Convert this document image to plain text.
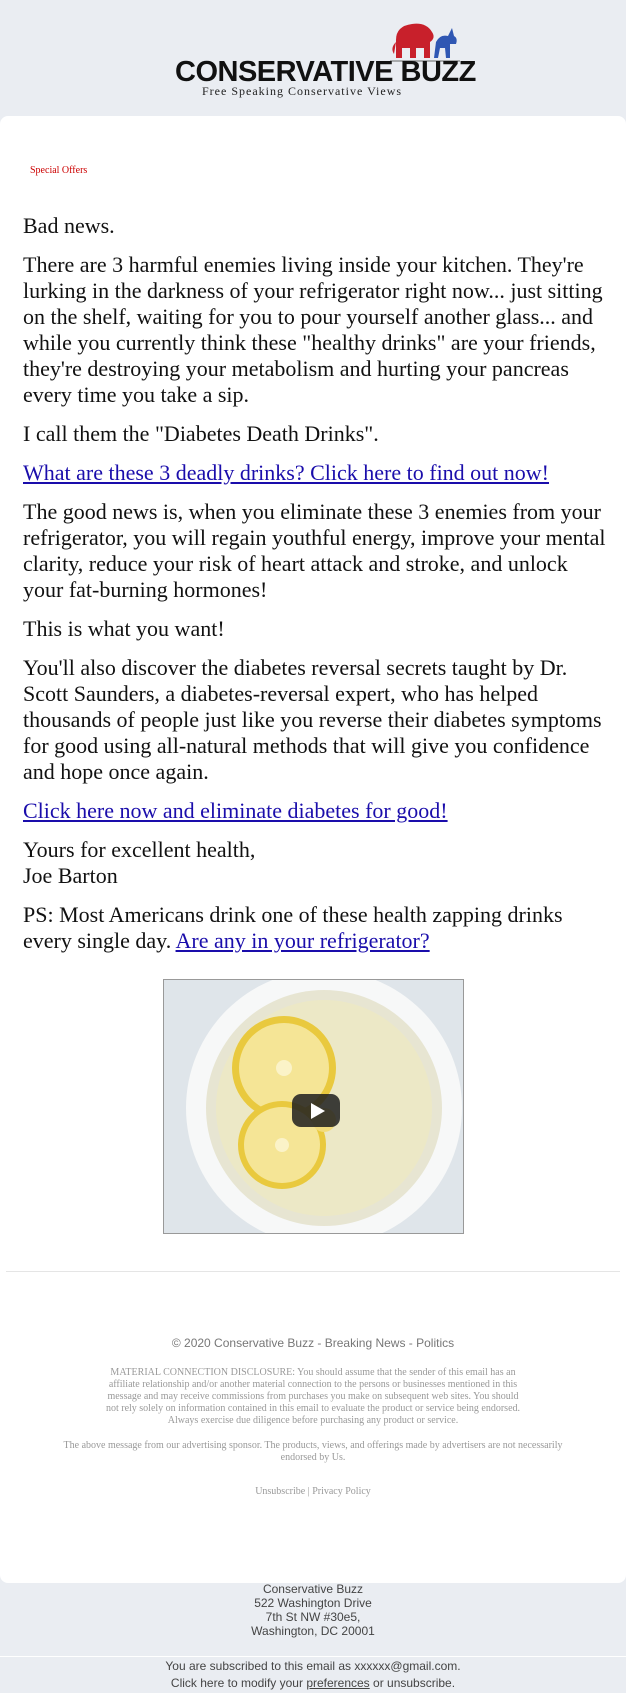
CONSERVATIVE BUZZ
Free Speaking Conservative Views
Special Offers

Bad news.

There are 3 harmful enemies living inside your kitchen. They're lurking in the darkness of your refrigerator right now... just sitting on the shelf, waiting for you to pour yourself another glass... and while you currently think these "healthy drinks" are your friends, they're destroying your metabolism and hurting your pancreas every time you take a sip.

I call them the "Diabetes Death Drinks".

What are these 3 deadly drinks? Click here to find out now!

The good news is, when you eliminate these 3 enemies from your refrigerator, you will regain youthful energy, improve your mental clarity, reduce your risk of heart attack and stroke, and unlock your fat-burning hormones!

This is what you want!

You'll also discover the diabetes reversal secrets taught by Dr. Scott Saunders, a diabetes-reversal expert, who has helped thousands of people just like you reverse their diabetes symptoms for good using all-natural methods that will give you confidence and hope once again.

Click here now and eliminate diabetes for good!

Yours for excellent health,
Joe Barton

PS: Most Americans drink one of these health zapping drinks every single day. Are any in your refrigerator?

© 2020 Conservative Buzz - Breaking News - Politics
MATERIAL CONNECTION DISCLOSURE: You should assume that the sender of this email has an affiliate relationship and/or another material connection to the persons or businesses mentioned in this message and may receive commissions from purchases you make on subsequent web sites. You should not rely solely on information contained in this email to evaluate the product or service being endorsed. Always exercise due diligence before purchasing any product or service.
The above message from our advertising sponsor. The products, views, and offerings made by advertisers are not necessarily endorsed by Us.
Unsubscribe | Privacy Policy
Conservative Buzz
522 Washington Drive
7th St NW #30e5,
Washington, DC 20001
You are subscribed to this email as xxxxxx@gmail.com.
Click here to modify your preferences or unsubscribe.
